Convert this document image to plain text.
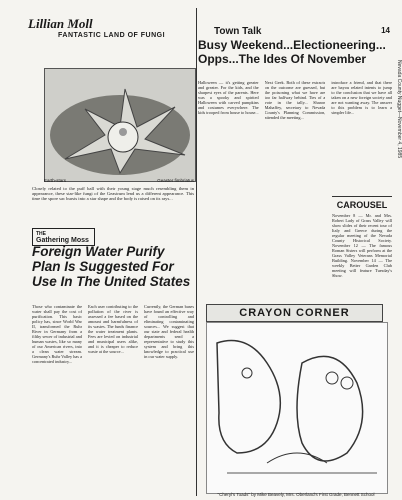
Lillian Moll
FANTASTIC LAND OF FUNGI
Earth-stars	Geaster fimbriatus
Closely related to the puff ball with their young stage much resembling them in appearance, these star-like fungi of the Geastrum lend us a different appearance. This time the spore sac bursts into a star shape and the body is raised on its rays...
THE
Gathering Moss
Foreign Water Purify Plan Is Suggested For Use In The United States
Those who contaminate the water shall pay the cost of purification. This basic policy has, since World War II, transformed the Ruhr River in Germany from a filthy sewer of industrial and human wastes, like so many of our American rivers, into a clean water stream. Germany's Ruhr Valley has a concentrated industry...
Each user contributing to the pollution of the river is assessed a fee based on the amount and harmfulness of its wastes. The funds finance the water treatment plants. Fees are levied on industrial and municipal users alike, and it is cheaper to reduce waste at the source...
Currently, the German bases have found an effective way of controlling and eliminating contaminating sources... We suggest that our state and federal health departments send a representative to study this system and bring this knowledge to practical use in our water supply.
Town Talk	14
Busy Weekend...Electioneering... Opps...The Ides Of November
Halloween — it's getting greater and greater. For the kids, and the sharpest eyes of the parents. Here was a spooky and spirited Halloween with carved pumpkins and costumes everywhere. The kids trooped from house to house...
Next Geek. Both of these extracts on the outcome are guessed, but the poisoning what we have are too far halfway behind. Ties of a vote in the tally... Sharon Mahaffey, secretary to Nevada County's Planning Commission, attended the meeting...
introduce a friend, and that there are bayou related intents to jump to the conclusion that we have all taken on a new foreign society and are not wanting away. The answer to this problem is to learn a simpler life...
CAROUSEL
November 8 — Mr. and Mrs. Robert Lady of Grass Valley will show slides of their recent tour of Italy and Greece during the regular meeting of the Nevada County Historical Society. November 12 — The famous Roman Sisters will perform at the Grass Valley Veterans Memorial Building. November 14 — The weekly Better Garden Club meeting will feature Tuesday's Show.
CRAYON CORNER
"Cheryl's Toads" by Mike Beavely, Mrs. Oberland's First Grade, Bennett School
Nevada County Nugget—November 4, 1985
